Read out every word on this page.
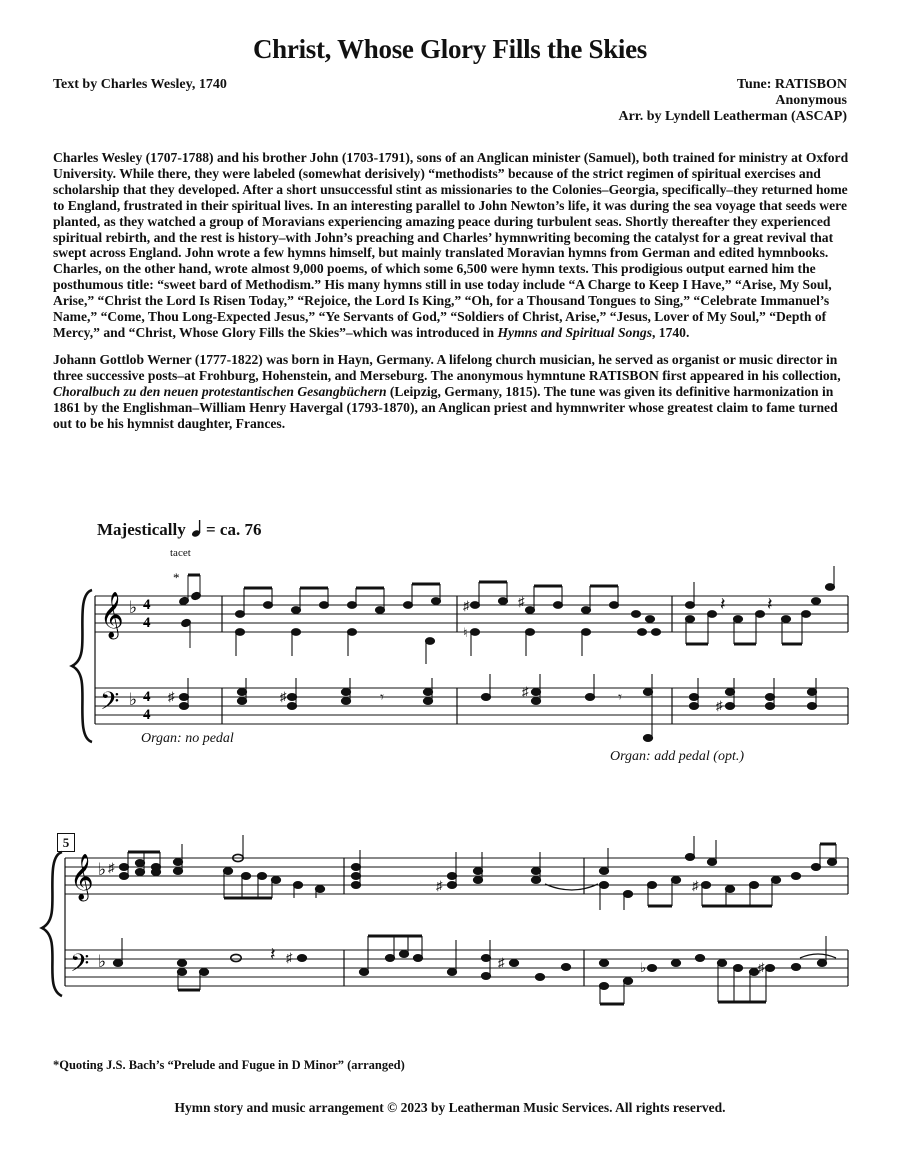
Christ, Whose Glory Fills the Skies
Text by Charles Wesley, 1740	Tune: RATISBON
Anonymous
Arr. by Lyndell Leatherman (ASCAP)

Charles Wesley (1707-1788) and his brother John (1703-1791), sons of an Anglican minister (Samuel), both trained for ministry at Oxford University. While there, they were labeled (somewhat derisively) “methodists” because of the strict regimen of spiritual exercises and scholarship that they developed. After a short unsuccessful stint as missionaries to the Colonies–Georgia, specifically–they returned home to England, frustrated in their spiritual lives. In an interesting parallel to John Newton’s life, it was during the sea voyage that seeds were planted, as they watched a group of Moravians experiencing amazing peace during turbulent seas. Shortly thereafter they experienced spiritual rebirth, and the rest is history–with John’s preaching and Charles’ hymnwriting becoming the catalyst for a great revival that swept across England. John wrote a few hymns himself, but mainly translated Moravian hymns from German and edited hymnbooks. Charles, on the other hand, wrote almost 9,000 poems, of which some 6,500 were hymn texts. This prodigious output earned him the posthumous title: “sweet bard of Methodism.” His many hymns still in use today include “A Charge to Keep I Have,” “Arise, My Soul, Arise,” “Christ the Lord Is Risen Today,” “Rejoice, the Lord Is King,” “Oh, for a Thousand Tongues to Sing,” “Celebrate Immanuel’s Name,” “Come, Thou Long-Expected Jesus,” “Ye Servants of God,” “Soldiers of Christ, Arise,” “Jesus, Lover of My Soul,” “Depth of Mercy,” and “Christ, Whose Glory Fills the Skies”–which was introduced in Hymns and Spiritual Songs, 1740.

Johann Gottlob Werner (1777-1822) was born in Hayn, Germany. A lifelong church musician, he served as organist or music director in three successive posts–at Frohburg, Hohenstein, and Merseburg. The anonymous hymntune RATISBON first appeared in his collection, Choralbuch zu den neuen protestantischen Gesangbüchern (Leipzig, Germany, 1815). The tune was given its definitive harmonization in 1861 by the Englishman–William Henry Havergal (1793-1870), an Anglican priest and hymnwriter whose greatest claim to fame turned out to be his hymnist daughter, Frances.

Majestically = ca. 76
tacet
𝄞
𝄢
♭
♭
4
4
4
4
*
♯	♯
♮
𝄽 𝄽
♯	♯	♯
♯
𝄾	𝄾
Organ: no pedal
Organ: add pedal (opt.)
5
𝄞
𝄢
♭
♭
♯
♯	♯
𝄽 ♯	♯	♭	♯
*Quoting J.S. Bach’s “Prelude and Fugue in D Minor” (arranged)
Hymn story and music arrangement © 2023 by Leatherman Music Services. All rights reserved.
